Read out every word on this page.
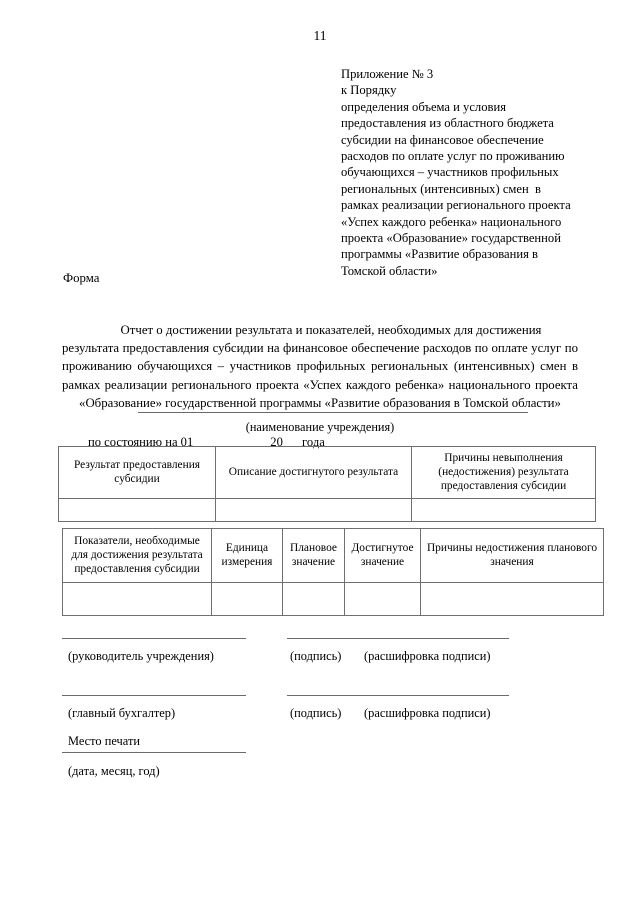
11
Приложение № 3
к Порядку
определения объема и условия
предоставления из областного бюджета
субсидии на финансовое обеспечение
расходов по оплате услуг по проживанию
обучающихся – участников профильных
региональных (интенсивных) смен  в
рамках реализации регионального проекта
«Успех каждого ребенка» национального
проекта «Образование» государственной
программы «Развитие образования в
Томской области»
Форма
Отчет о достижении результата и показателей, необходимых для достижения
результата предоставления субсидии на финансовое обеспечение расходов по оплате услуг по проживанию обучающихся – участников профильных региональных (интенсивных) смен в рамках реализации регионального проекта «Успех каждого ребенка» национального проекта «Образование» государственной программы «Развитие образования в Томской области»
(наименование учреждения)
по состоянию на 01	20 года
Результат предоставления субсидии	Описание достигнутого результата	Причины невыполнения (недостижения) результата предоставления субсидии

Показатели, необходимые для достижения результата предоставления субсидии	Единица измерения	Плановое значение	Достигнутое значение	Причины недостижения планового значения

(руководитель учреждения)	(подпись) (расшифровка подписи)
(главный бухгалтер)	(подпись) (расшифровка подписи)
Место печати
(дата, месяц, год)
